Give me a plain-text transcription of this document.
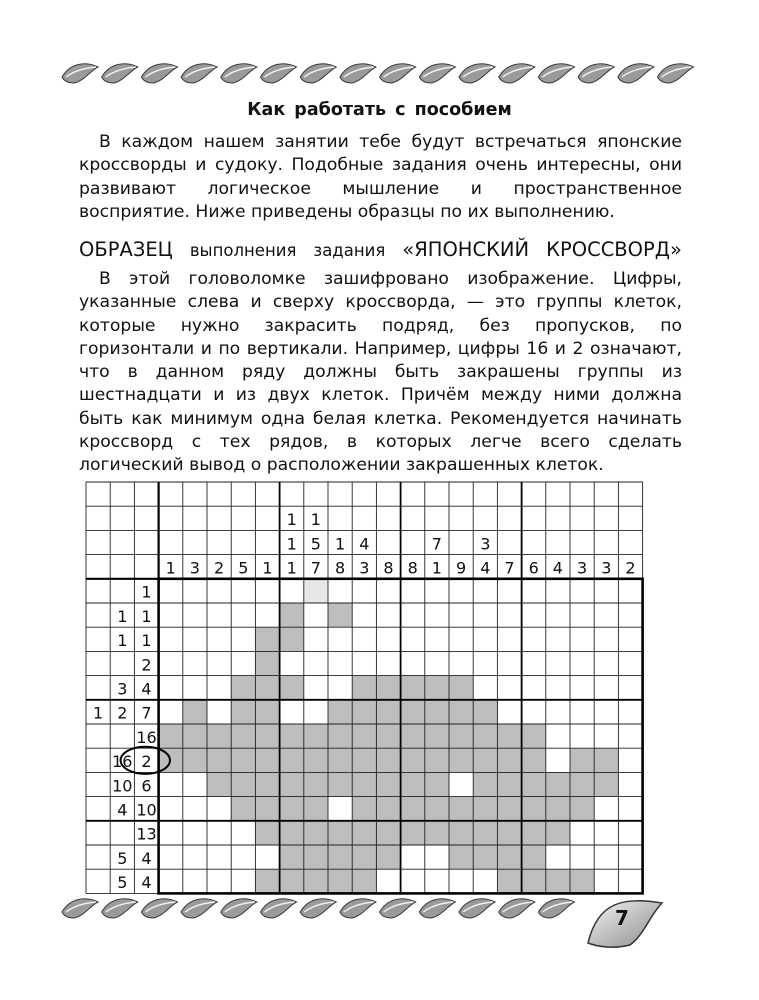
Как работать с пособием

В каждом нашем занятии тебе будут встречаться японские кроссворды и судоку. Подобные задания очень интересны, они развивают логическое мышление и пространственное восприятие. Ниже приведены образцы по их выполнению.

ОБРАЗЕЦ выполнения задания «ЯПОНСКИЙ КРОССВОРД»

В этой головоломке зашифровано изображение. Цифры, указанные слева и сверху кроссворда, — это группы клеток, которые нужно закрасить подряд, без пропусков, по горизонтали и по вертикали. Например, цифры 16 и 2 означают, что в данном ряду должны быть закрашены группы из шестнадцати и из двух клеток. Причём между ними должна быть как минимум одна белая клетка. Рекомендуется начинать кроссворд с тех рядов, в которых легче всего сделать логический вывод о расположении закрашенных клеток.

1 3 2 5 1
1
1
1
1
5
7
1
8
4
3 8 8
7
1 9
3
4 7 6 4 3 3 2
1
1 1
1 1
2
3 4
1 2 7
16
16 2
10 6
4 10
13
5 4
5 4
7
